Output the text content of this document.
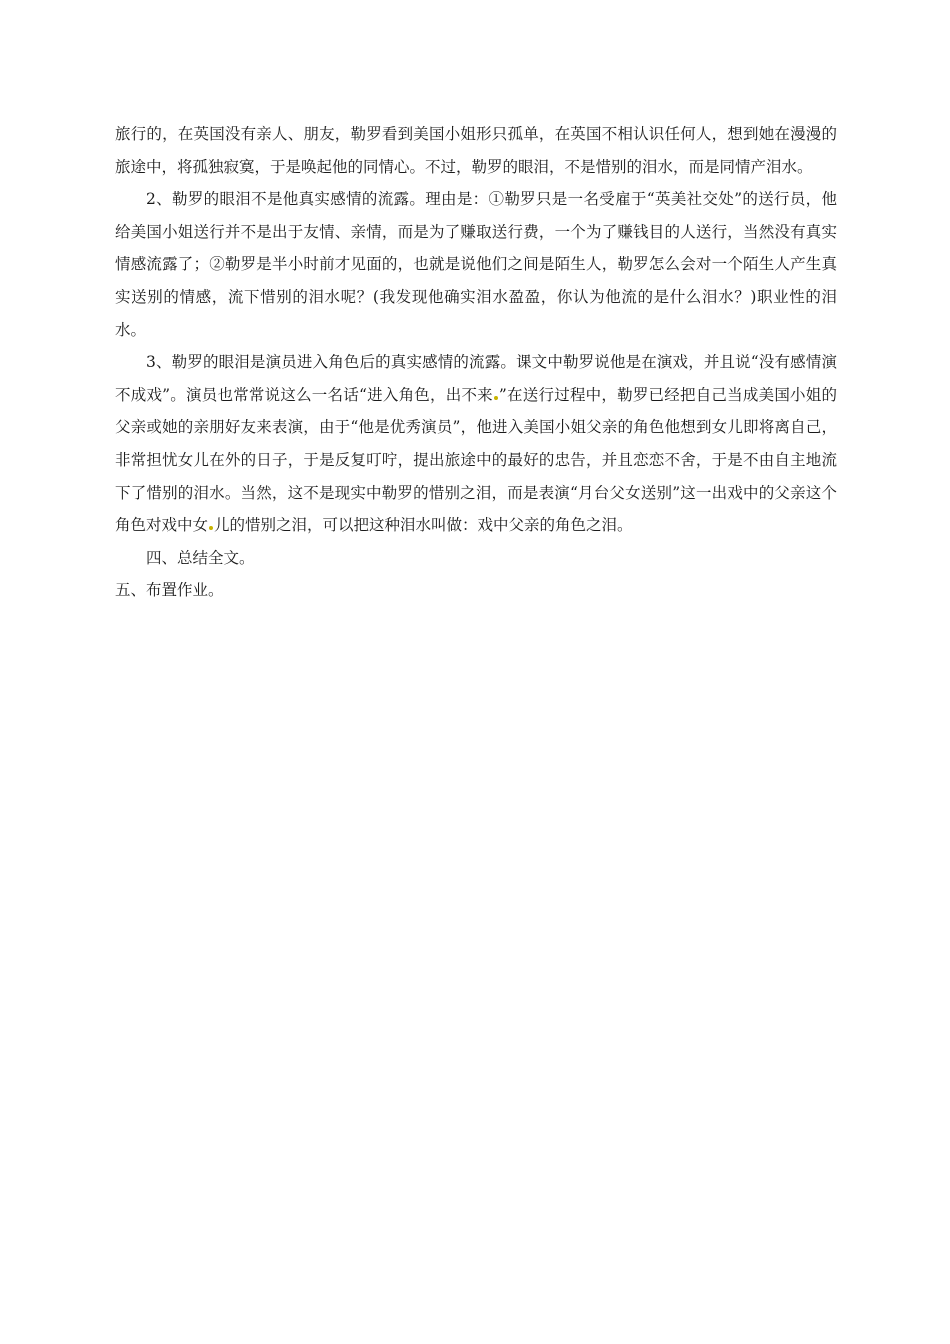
旅行的，在英国没有亲人、朋友，勒罗看到美国小姐形只孤单，在英国不相认识任何人，想到她在漫漫的旅途中，将孤独寂寞，于是唤起他的同情心。不过，勒罗的眼泪，不是惜别的泪水，而是同情产泪水。

2、勒罗的眼泪不是他真实感情的流露。理由是：①勒罗只是一名受雇于“英美社交处”的送行员，他给美国小姐送行并不是出于友情、亲情，而是为了赚取送行费，一个为了赚钱目的人送行，当然没有真实情感流露了；②勒罗是半小时前才见面的，也就是说他们之间是陌生人，勒罗怎么会对一个陌生人产生真实送别的情感，流下惜别的泪水呢？(我发现他确实泪水盈盈，你认为他流的是什么泪水？)职业性的泪水。

3、勒罗的眼泪是演员进入角色后的真实感情的流露。课文中勒罗说他是在演戏，并且说“没有感情演不成戏”。演员也常常说这么一名话“进入角色，出不来 ”在送行过程中，勒罗已经把自己当成美国小姐的父亲或她的亲朋好友来表演，由于“他是优秀演员”，他进入美国小姐父亲的角色他想到女儿即将离自己，非常担忧女儿在外的日子，于是反复叮咛，提出旅途中的最好的忠告，并且恋恋不舍，于是不由自主地流下了惜别的泪水。当然，这不是现实中勒罗的惜别之泪，而是表演“月台父女送别”这一出戏中的父亲这个角色对戏中女 儿的惜别之泪，可以把这种泪水叫做：戏中父亲的角色之泪。

四、总结全文。

五、布置作业。
